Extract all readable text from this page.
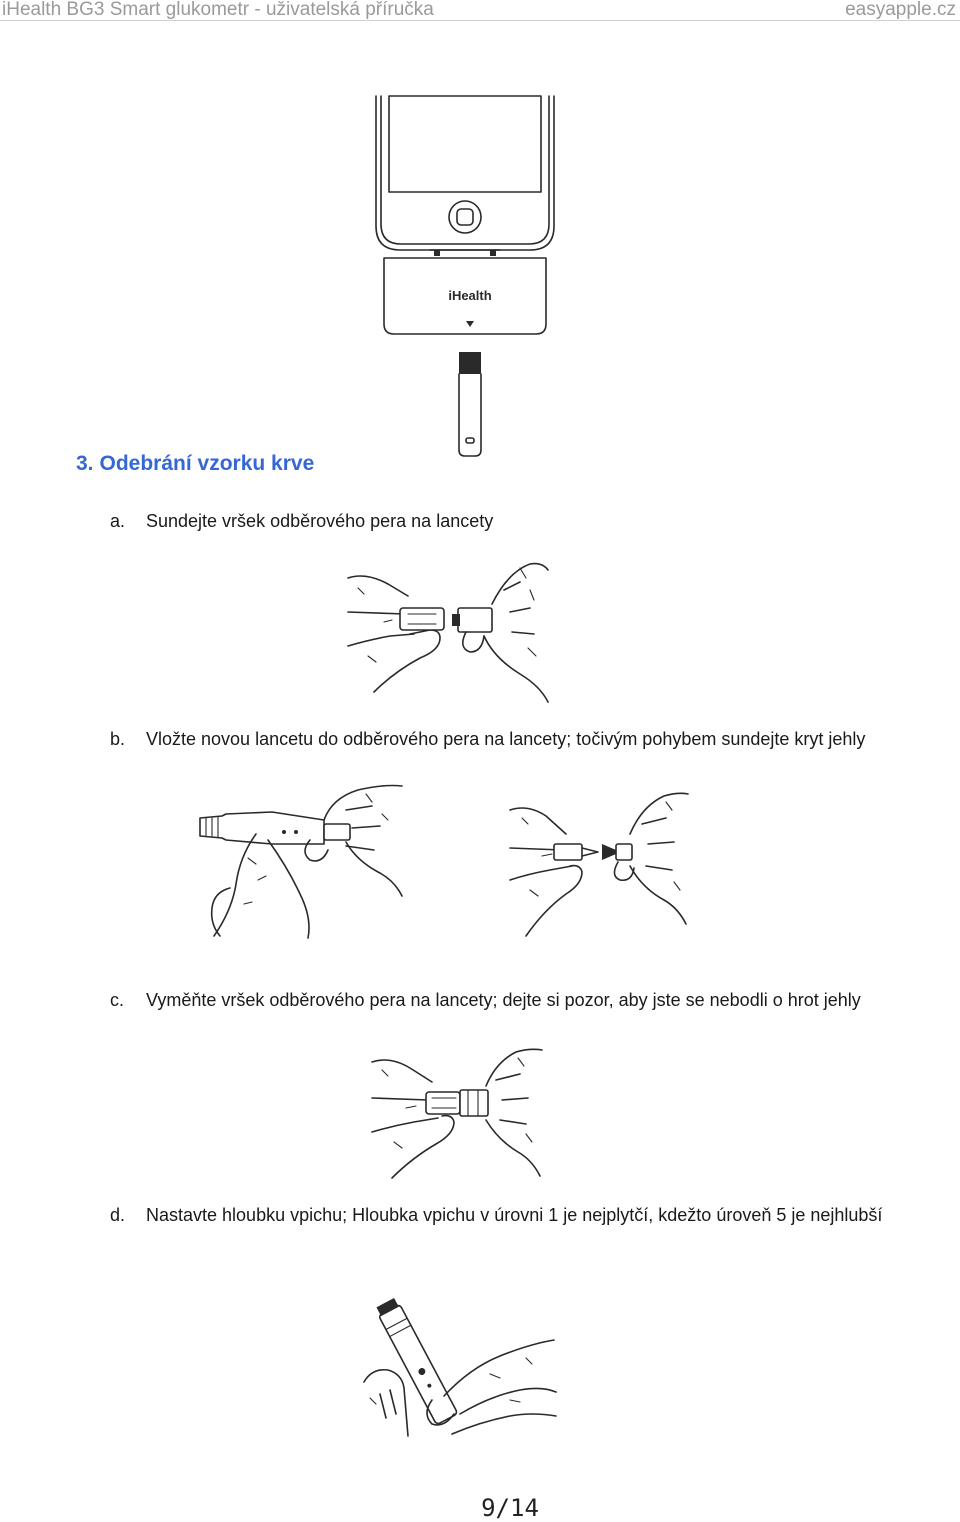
iHealth BG3 Smart glukometr - uživatelská příručka	easyapple.cz
iHealth
3. Odebrání vzorku krve
a. Sundejte vršek odběrového pera na lancety
b. Vložte novou lancetu do odběrového pera na lancety; točivým pohybem sundejte kryt jehly
c. Vyměňte vršek odběrového pera na lancety; dejte si pozor, aby jste se nebodli o hrot jehly
d. Nastavte hloubku vpichu; Hloubka vpichu v úrovni 1 je nejplytčí, kdežto úroveň 5 je nejhlubší
9/14
